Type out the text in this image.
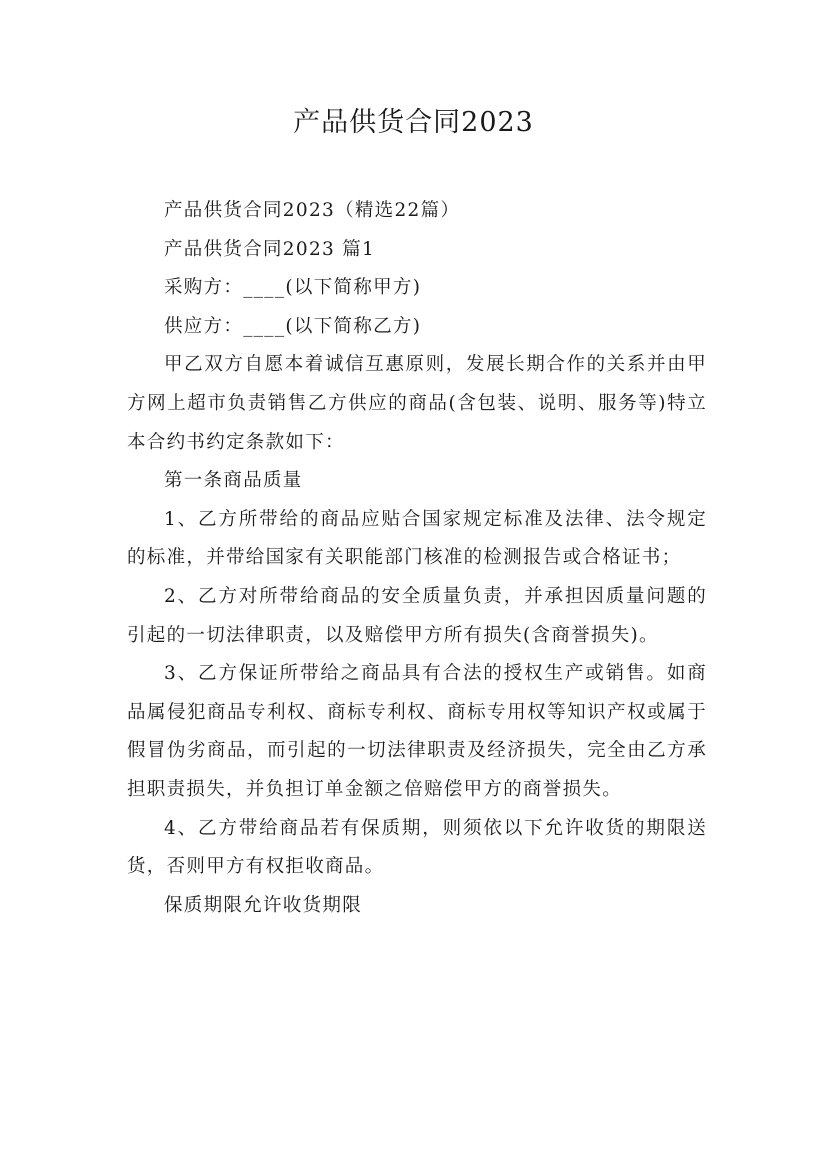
产品供货合同2023

产品供货合同2023（精选22篇）

产品供货合同2023 篇1

采购方：____(以下简称甲方)

供应方：____(以下简称乙方)

甲乙双方自愿本着诚信互惠原则，发展长期合作的关系并由甲方网上超市负责销售乙方供应的商品(含包装、说明、服务等)特立本合约书约定条款如下：

第一条商品质量

1、乙方所带给的商品应贴合国家规定标准及法律、法令规定的标准，并带给国家有关职能部门核准的检测报告或合格证书；

2、乙方对所带给商品的安全质量负责，并承担因质量问题的引起的一切法律职责，以及赔偿甲方所有损失(含商誉损失)。

3、乙方保证所带给之商品具有合法的授权生产或销售。如商品属侵犯商品专利权、商标专利权、商标专用权等知识产权或属于假冒伪劣商品，而引起的一切法律职责及经济损失，完全由乙方承担职责损失，并负担订单金额之倍赔偿甲方的商誉损失。

4、乙方带给商品若有保质期，则须依以下允许收货的期限送货，否则甲方有权拒收商品。

保质期限允许收货期限
